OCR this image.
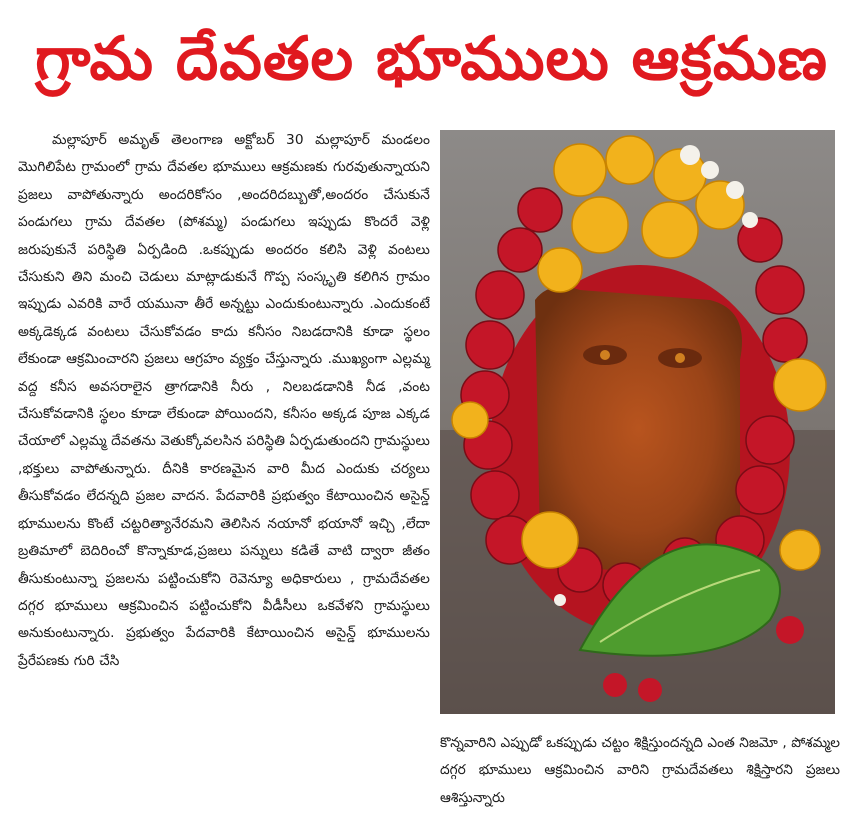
గ్రామ దేవతల భూములు ఆక్రమణ

మల్లాపూర్ అమృత్ తెలంగాణ అక్టోబర్ 30 మల్లాపూర్ మండలం మొగిలిపేట గ్రామంలో గ్రామ దేవతల భూములు ఆక్రమణకు గురవుతున్నాయని ప్రజలు వాపోతున్నారు అందరికోసం ,అందరిదబ్బుతో,అందరం చేసుకునే పండుగలు గ్రామ దేవతల (పోశమ్మ) పండుగలు ఇప్పుడు కొందరే వెళ్లి జరుపుకునే పరిస్థితి ఏర్పడింది .ఒకప్పుడు అందరం కలిసి వెళ్లి వంటలు చేసుకుని తిని మంచి చెడులు మాట్లాడుకునే గొప్ప సంస్కృతి కలిగిన గ్రామం ఇప్పుడు ఎవరికి వారే యమునా తీరే అన్నట్టు ఎందుకుంటున్నారు .ఎందుకంటే అక్కడెక్కడ వంటలు చేసుకోవడం కాదు కనీసం నిబడదానికి కూడా స్థలం లేకుండా ఆక్రమించారని ప్రజలు ఆగ్రహం వ్యక్తం చేస్తున్నారు .ముఖ్యంగా ఎల్లమ్మ వద్ద కనీస అవసరాలైన త్రాగడానికి నీరు , నిలబడడానికి నీడ ,వంట చేసుకోవడానికి స్థలం కూడా లేకుండా పోయిందని, కనీసం అక్కడ పూజ ఎక్కడ చేయాలో ఎల్లమ్మ దేవతను వెతుక్కోవలసిన పరిస్థితి ఏర్పడుతుందని గ్రామస్థులు ,భక్తులు వాపోతున్నారు. దీనికి కారణమైన వారి మీద ఎందుకు చర్యలు తీసుకోవడం లేదన్నది ప్రజల వాదన. పేదవారికి ప్రభుత్వం కేటాయించిన అసైన్డ్ భూములను కొంటే చట్టరిత్యానేరమని తెలిసిన నయానో భయానో ఇచ్చి ,లేదా బ్రతిమాలో బెదిరించో కొన్నాకూడ,ప్రజలు పన్నులు కడితే వాటి ద్వారా జీతం తీసుకుంటున్నా ప్రజలను పట్టించుకోని రెవెన్యూ అధికారులు , గ్రామదేవతల దగ్గర భూములు ఆక్రమించిన పట్టించుకోని వీడీసీలు ఒకవేళని గ్రామస్థులు అనుకుంటున్నారు. ప్రభుత్వం పేదవారికి కేటాయించిన అసైన్డ్ భూములను ప్రేరేపణకు గురి చేసి

కొన్నవారిని ఎప్పుడో ఒకప్పుడు చట్టం శిక్షిస్తుందన్నది ఎంత నిజమో , పోశమ్మల దగ్గర భూములు ఆక్రమించిన వారిని గ్రామదేవతలు శిక్షిస్తారని ప్రజలు ఆశిస్తున్నారు
